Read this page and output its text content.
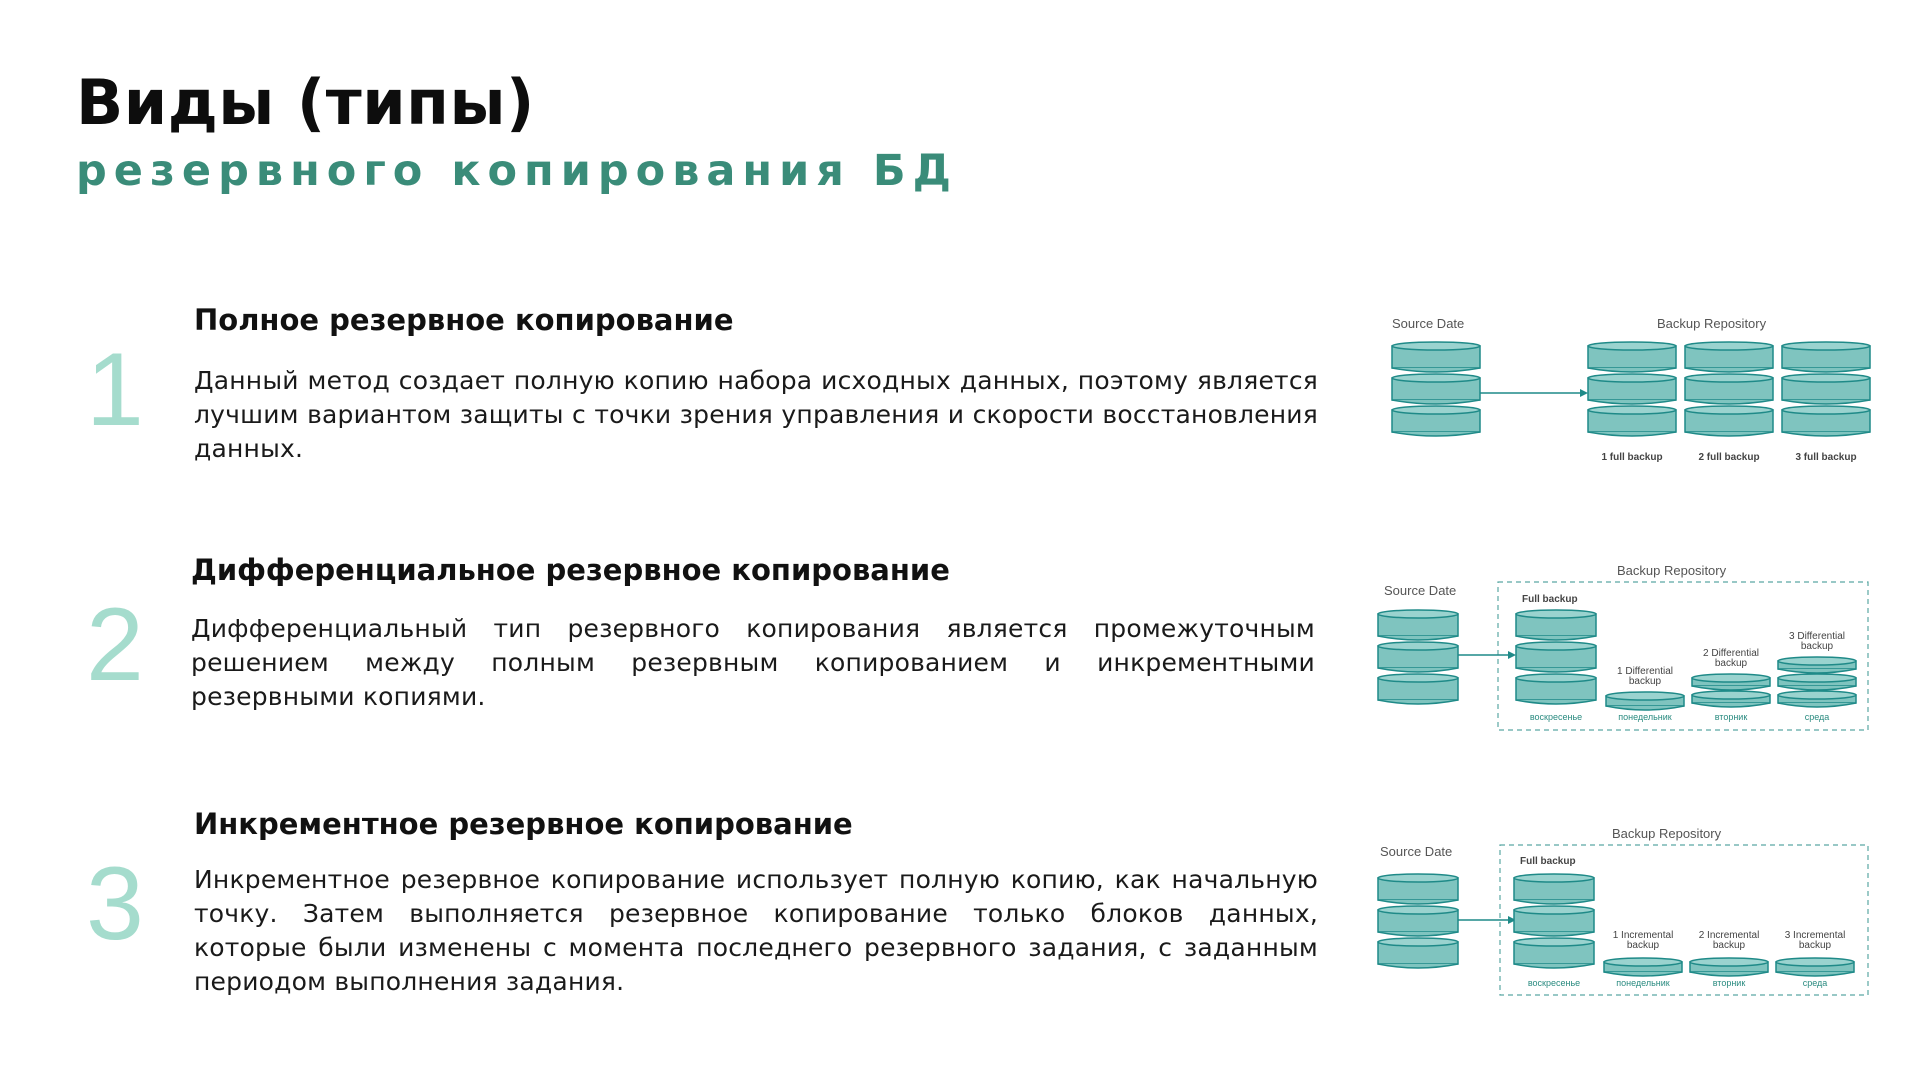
Виды (типы)
резервного копирования БД
1
Полное резервное копирование

Данный метод создает полную копию набора исходных данных, поэтому является лучшим вариантом защиты с точки зрения управления и скорости восстановления данных.

2
Дифференциальное резервное копирование

Дифференциальный тип резервного копирования является промежуточным решением между полным резервным копированием и инкрементными резервными копиями.

3
Инкрементное резервное копирование

Инкрементное резервное копирование использует полную копию, как начальную точку. Затем выполняется резервное копирование только блоков данных, которые были изменены с момента последнего резервного задания, с заданным периодом выполнения задания.

Source Date	Backup Repository
1 full backup	2 full backup	3 full backup
Source Date
Backup Repository
Full backup
воскресенье
1 Differential
backup
понедельник
2 Differential
backup
вторник
3 Differential
backup
среда
Source Date
Backup Repository
Full backup
воскресенье
1 Incremental
backup
понедельник
2 Incremental
backup
вторник
3 Incremental
backup
среда
